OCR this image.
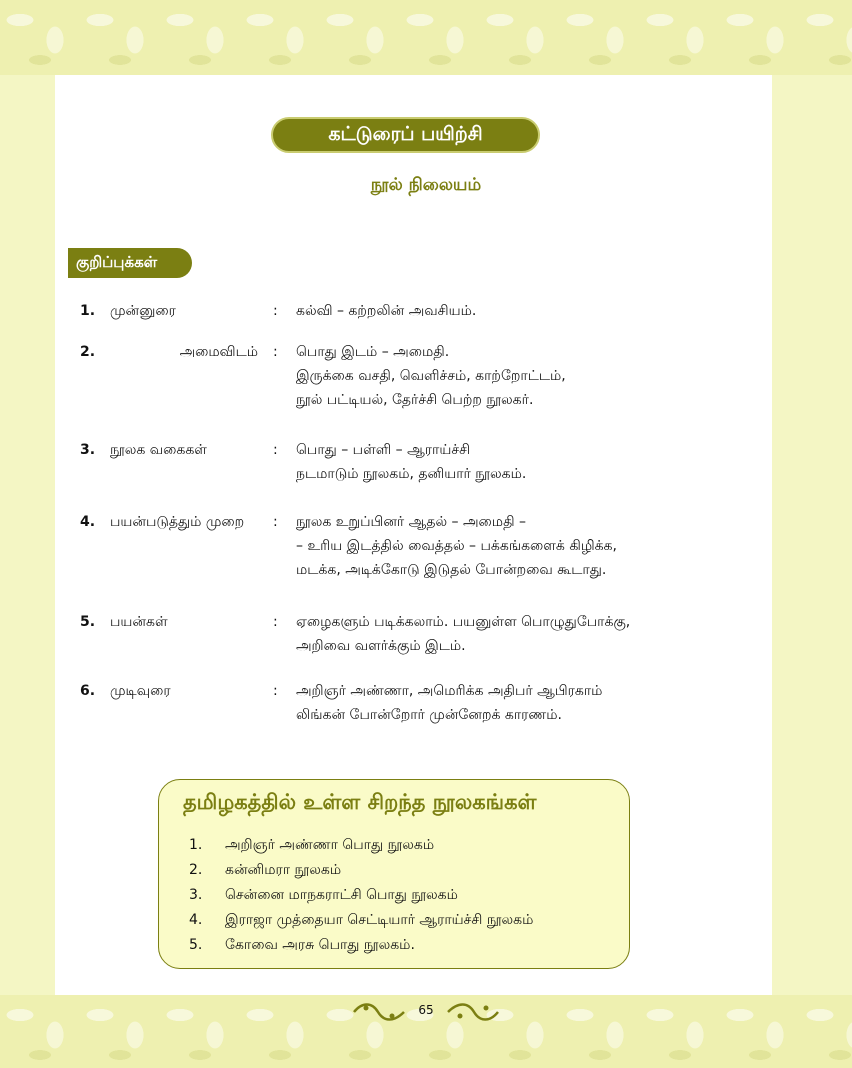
கட்டுரைப் பயிற்சி
நூல் நிலையம்
குறிப்புக்கள்
1. முன்னுரை	: கல்வி – கற்றலின் அவசியம்.
2.	அமைவிடம் : பொது இடம் – அமைதி.
இருக்கை வசதி, வெளிச்சம், காற்றோட்டம்,
நூல் பட்டியல், தேர்ச்சி பெற்ற நூலகர்.
3. நூலக வகைகள்	: பொது – பள்ளி – ஆராய்ச்சி
நடமாடும் நூலகம், தனியார் நூலகம்.
4. பயன்படுத்தும் முறை : நூலக உறுப்பினர் ஆதல் – அமைதி –
– உரிய இடத்தில் வைத்தல் – பக்கங்களைக் கிழிக்க,
மடக்க, அடிக்கோடு இடுதல் போன்றவை கூடாது.
5. பயன்கள்	: ஏழைகளும் படிக்கலாம். பயனுள்ள பொழுதுபோக்கு,
அறிவை வளர்க்கும் இடம்.
6. முடிவுரை	: அறிஞர் அண்ணா, அமெரிக்க அதிபர் ஆபிரகாம்
லிங்கன் போன்றோர் முன்னேறக் காரணம்.
தமிழகத்தில் உள்ள சிறந்த நூலகங்கள்
1. அறிஞர் அண்ணா பொது நூலகம்
2. கன்னிமரா நூலகம்
3. சென்னை மாநகராட்சி பொது நூலகம்
4. இராஜா முத்தையா செட்டியார் ஆராய்ச்சி நூலகம்
5. கோவை அரசு பொது நூலகம்.
65
